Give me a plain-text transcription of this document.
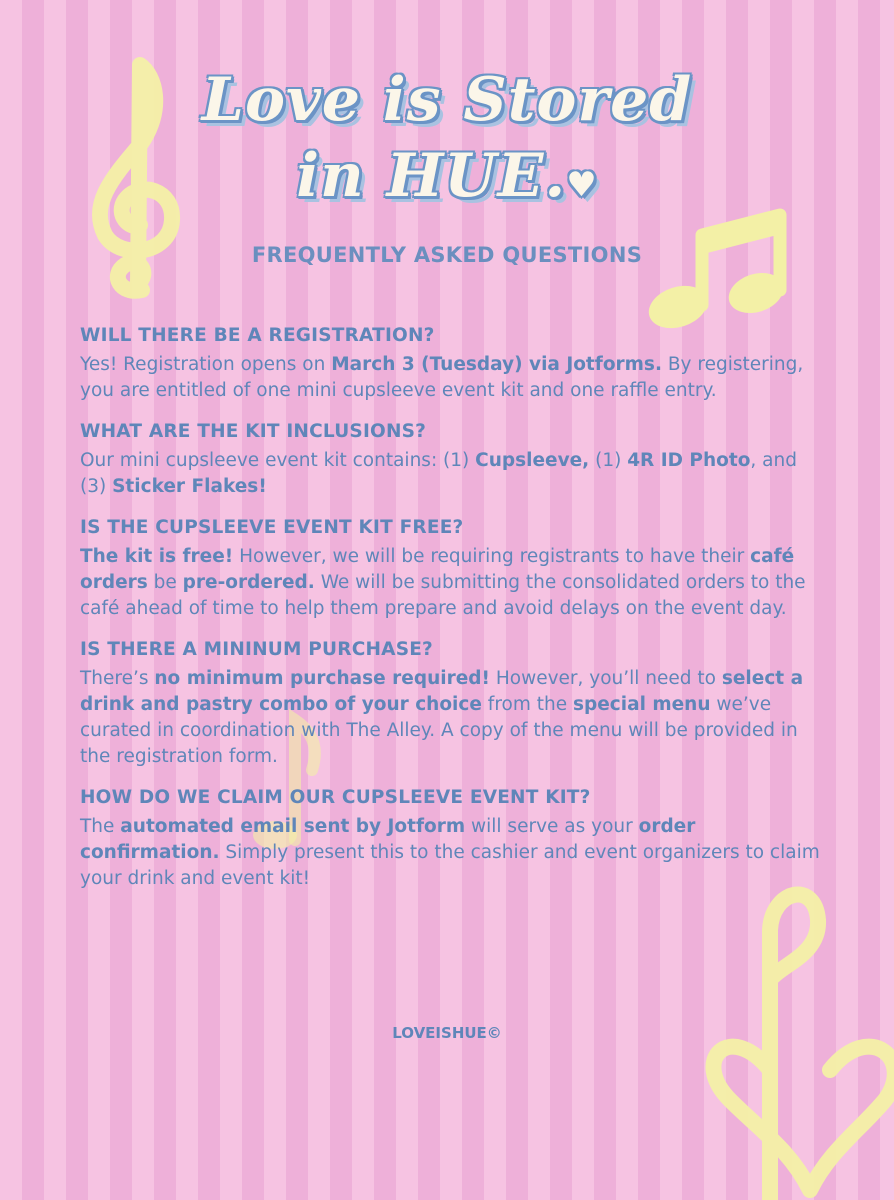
Love is Stored
in HUE.♥
FREQUENTLY ASKED QUESTIONS
WILL THERE BE A REGISTRATION?

Yes! Registration opens on March 3 (Tuesday) via Jotforms. By registering, you are entitled of one mini cupsleeve event kit and one raffle entry.

WHAT ARE THE KIT INCLUSIONS?

Our mini cupsleeve event kit contains: (1) Cupsleeve, (1) 4R ID Photo, and (3) Sticker Flakes!

IS THE CUPSLEEVE EVENT KIT FREE?

The kit is free! However, we will be requiring registrants to have their café orders be pre-ordered. We will be submitting the consolidated orders to the café ahead of time to help them prepare and avoid delays on the event day.

IS THERE A MININUM PURCHASE?

There’s no minimum purchase required! However, you’ll need to select a drink and pastry combo of your choice from the special menu we’ve curated in coordination with The Alley. A copy of the menu will be provided in the registration form.

HOW DO WE CLAIM OUR CUPSLEEVE EVENT KIT?

The automated email sent by Jotform will serve as your order confirmation. Simply present this to the cashier and event organizers to claim your drink and event kit!

LOVEISHUE©
